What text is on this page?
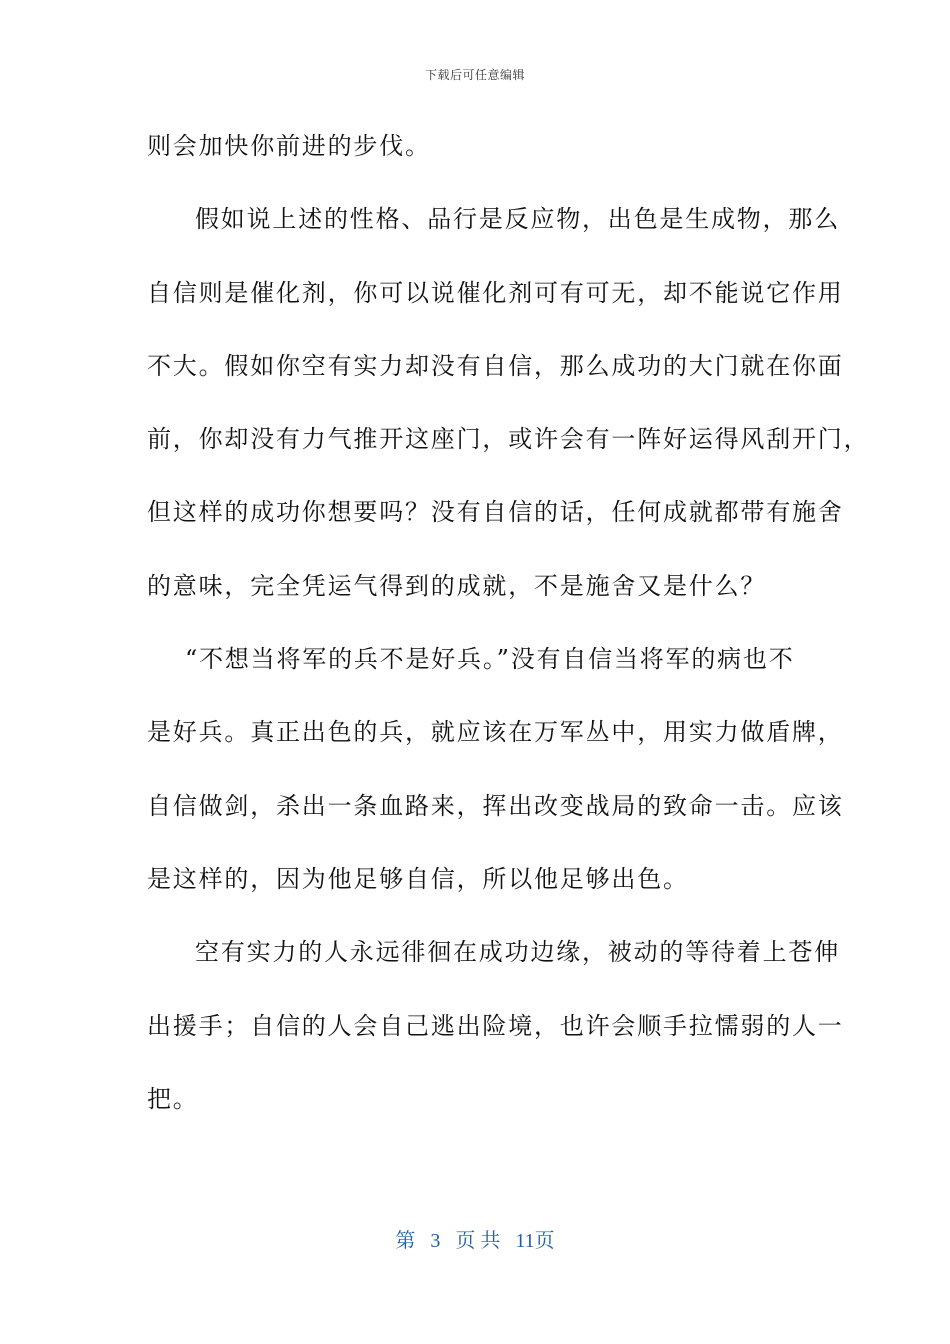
下载后可任意编辑
则会加快你前进的步伐。
假如说上述的性格、品行是反应物，出色是生成物，那么
自信则是催化剂，你可以说催化剂可有可无，却不能说它作用
不大。假如你空有实力却没有自信，那么成功的大门就在你面
前，你却没有力气推开这座门，或许会有一阵好运得风刮开门，
但这样的成功你想要吗？没有自信的话，任何成就都带有施舍
的意味，完全凭运气得到的成就，不是施舍又是什么？
“不想当将军的兵不是好兵。”没有自信当将军的病也不
是好兵。真正出色的兵，就应该在万军丛中，用实力做盾牌，
自信做剑，杀出一条血路来，挥出改变战局的致命一击。应该
是这样的，因为他足够自信，所以他足够出色。
空有实力的人永远徘徊在成功边缘，被动的等待着上苍伸
出援手；自信的人会自己逃出险境，也许会顺手拉懦弱的人一
把。
第 3 页 共 11页
